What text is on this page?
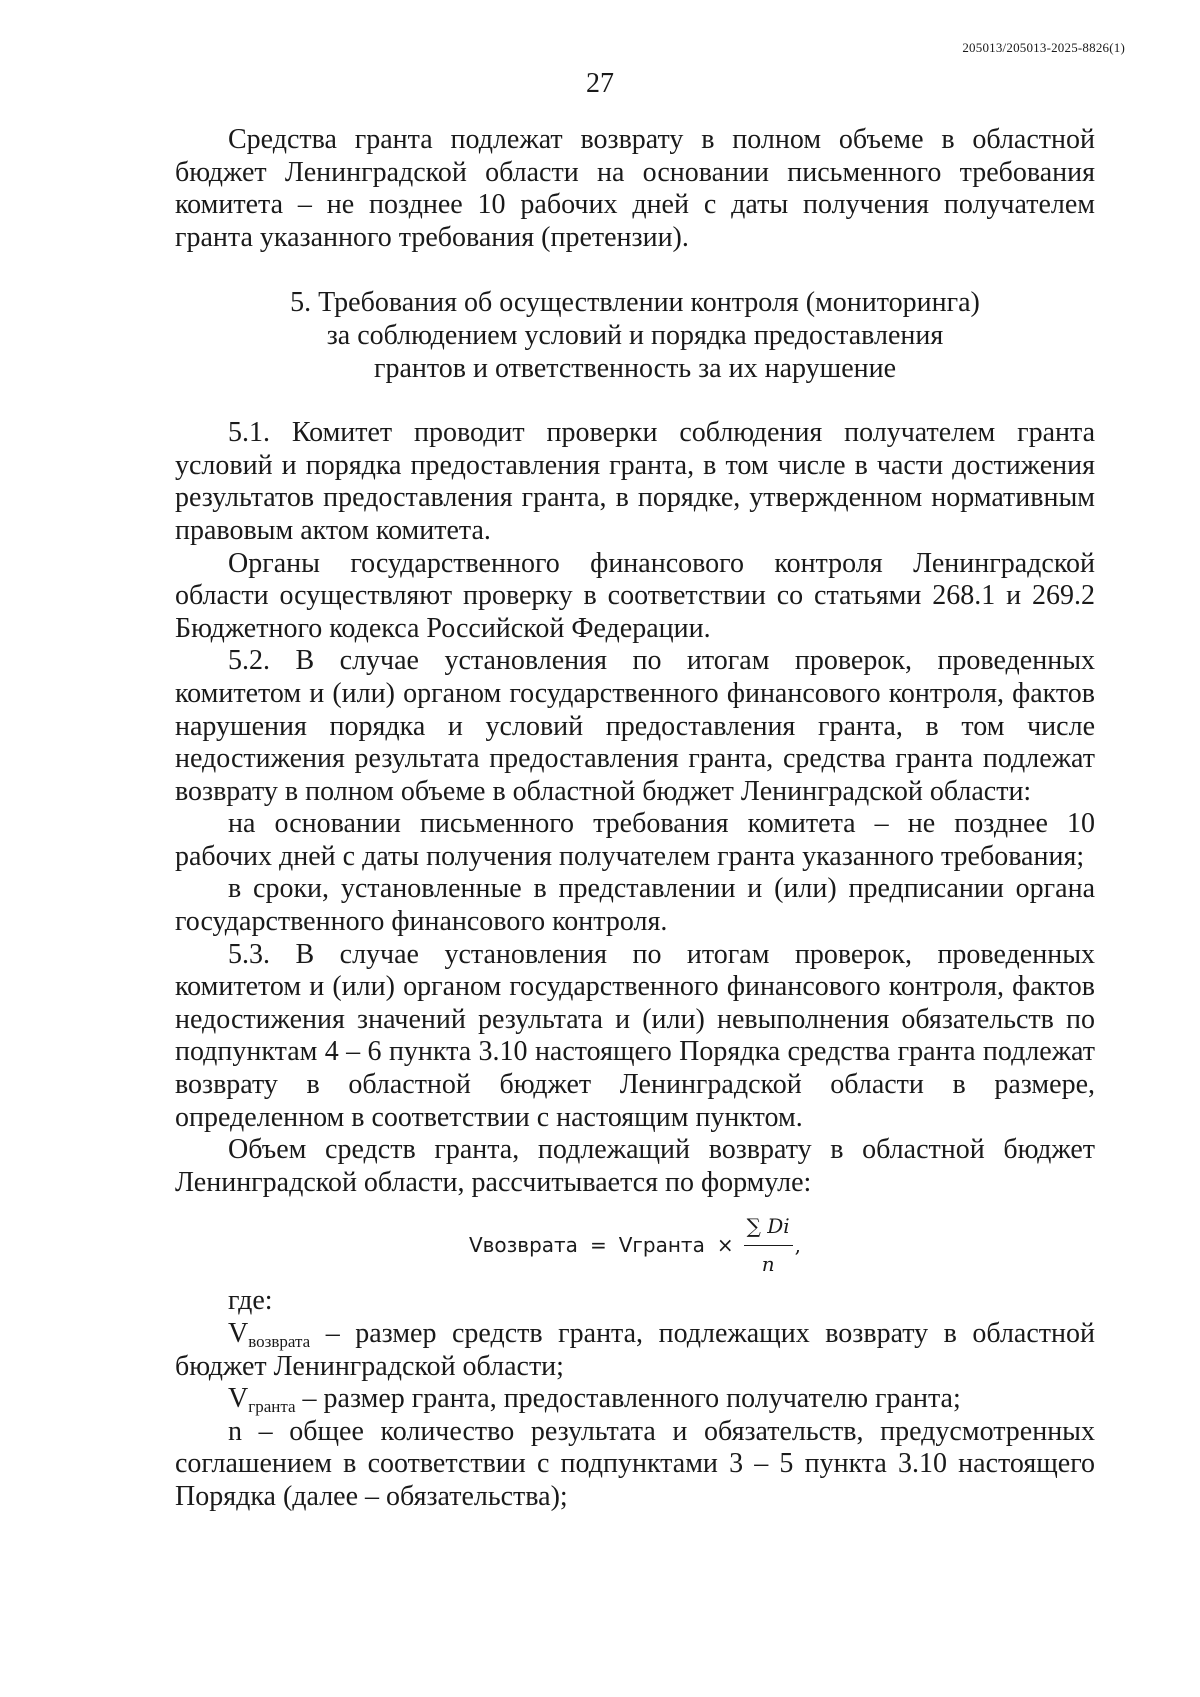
205013/205013-2025-8826(1)
27

Средства гранта подлежат возврату в полном объеме в областной бюджет Ленинградской области на основании письменного требования комитета – не позднее 10 рабочих дней с даты получения получателем гранта указанного требования (претензии).

5. Требования об осуществлении контроля (мониторинга)
за соблюдением условий и порядка предоставления
грантов и ответственность за их нарушение

5.1. Комитет проводит проверки соблюдения получателем гранта условий и порядка предоставления гранта, в том числе в части достижения результатов предоставления гранта, в порядке, утвержденном нормативным правовым актом комитета.

Органы государственного финансового контроля Ленинградской области осуществляют проверку в соответствии со статьями 268.1 и 269.2 Бюджетного кодекса Российской Федерации.

5.2. В случае установления по итогам проверок, проведенных комитетом и (или) органом государственного финансового контроля, фактов нарушения порядка и условий предоставления гранта, в том числе недостижения результата предоставления гранта, средства гранта подлежат возврату в полном объеме в областной бюджет Ленинградской области:

на основании письменного требования комитета – не позднее 10 рабочих дней с даты получения получателем гранта указанного требования;

в сроки, установленные в представлении и (или) предписании органа государственного финансового контроля.

5.3. В случае установления по итогам проверок, проведенных комитетом и (или) органом государственного финансового контроля, фактов недостижения значений результата и (или) невыполнения обязательств по подпунктам 4 – 6 пункта 3.10 настоящего Порядка средства гранта подлежат возврату в областной бюджет Ленинградской области в размере, определенном в соответствии с настоящим пунктом.

Объем средств гранта, подлежащий возврату в областной бюджет Ленинградской области, рассчитывается по формуле:

Vвозврата = Vгранта × $\frac{\sum Di}{n}$ ,

где:

$V_{возврата}$ – размер средств гранта, подлежащих возврату в областной бюджет Ленинградской области;

$V_{гранта}$ – размер гранта, предоставленного получателю гранта;

n – общее количество результата и обязательств, предусмотренных соглашением в соответствии с подпунктами 3 – 5 пункта 3.10 настоящего Порядка (далее – обязательства);
